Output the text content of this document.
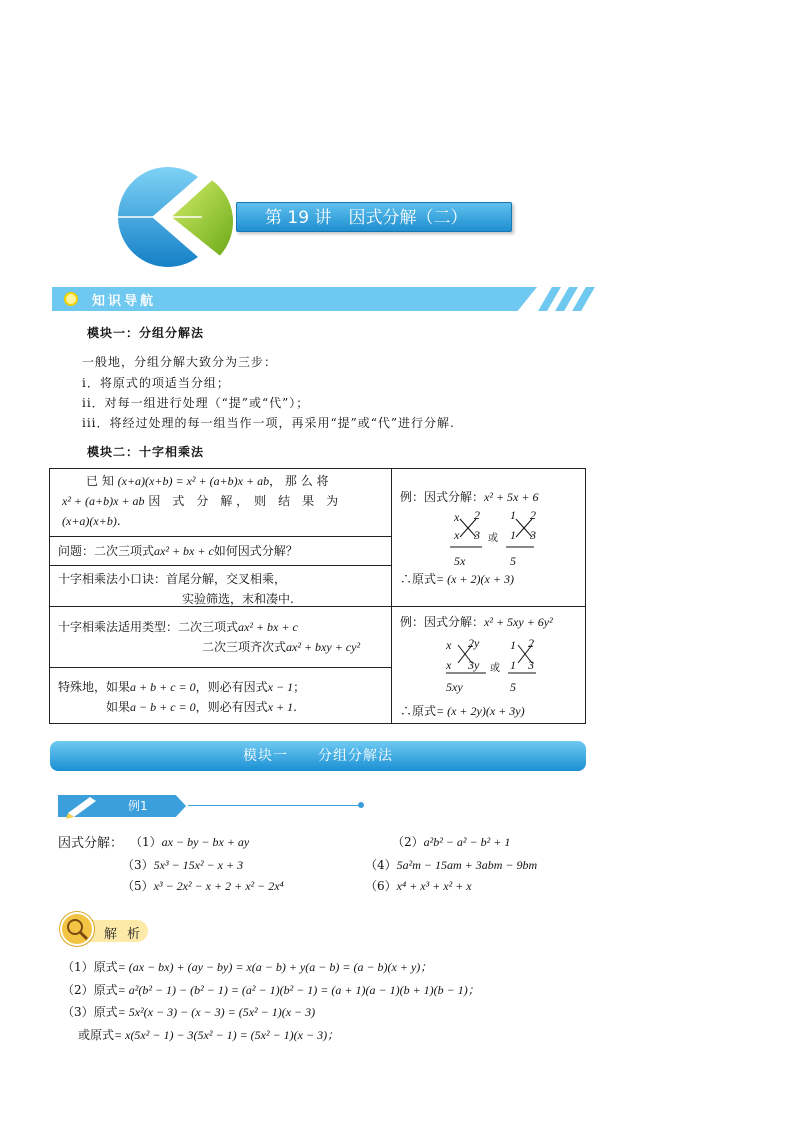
第 19 讲　因式分解（二）
知识导航
模块一：分组分解法
一般地，分组分解大致分为三步：
i．将原式的项适当分组；
ii．对每一组进行处理（“提”或“代”）；
iii．将经过处理的每一组当作一项，再采用“提”或“代”进行分解.
模块二：十字相乘法
已 知 (x+a)(x+b) = x² + (a+b)x + ab， 那 么 将
x² + (a+b)x + ab 因　式　分　解 ，　则　结　果　为
(x+a)(x+b).
问题：二次三项式ax² + bx + c如何因式分解？
十字相乘法小口诀：首尾分解，交叉相乘，
实验筛选，末和凑中.
十字相乘法适用类型：二次三项式ax² + bx + c
二次三项齐次式ax² + bxy + cy²
特殊地，如果a + b + c = 0，则必有因式x − 1；
如果a − b + c = 0，则必有因式x + 1.
例：因式分解：x² + 5x + 6
x 2
x 3
5x
或
1 2
1 3
5
∴原式= (x + 2)(x + 3)
例：因式分解：x² + 5xy + 6y²
x 2y
x 3y
5xy
或
1 2
1 3
5
∴原式= (x + 2y)(x + 3y)
模块一　　分组分解法
例1
因式分解： （1）ax − by − bx + ay	（2）a²b² − a² − b² + 1
（3）5x³ − 15x² − x + 3	（4）5a²m − 15am + 3abm − 9bm
（5）x³ − 2x² − x + 2 + x² − 2x⁴	（6）x⁴ + x³ + x² + x
解 析
（1）原式= (ax − bx) + (ay − by) = x(a − b) + y(a − b) = (a − b)(x + y)；
（2）原式= a²(b² − 1) − (b² − 1) = (a² − 1)(b² − 1) = (a + 1)(a − 1)(b + 1)(b − 1)；
（3）原式= 5x²(x − 3) − (x − 3) = (5x² − 1)(x − 3)
或原式= x(5x² − 1) − 3(5x² − 1) = (5x² − 1)(x − 3)；
